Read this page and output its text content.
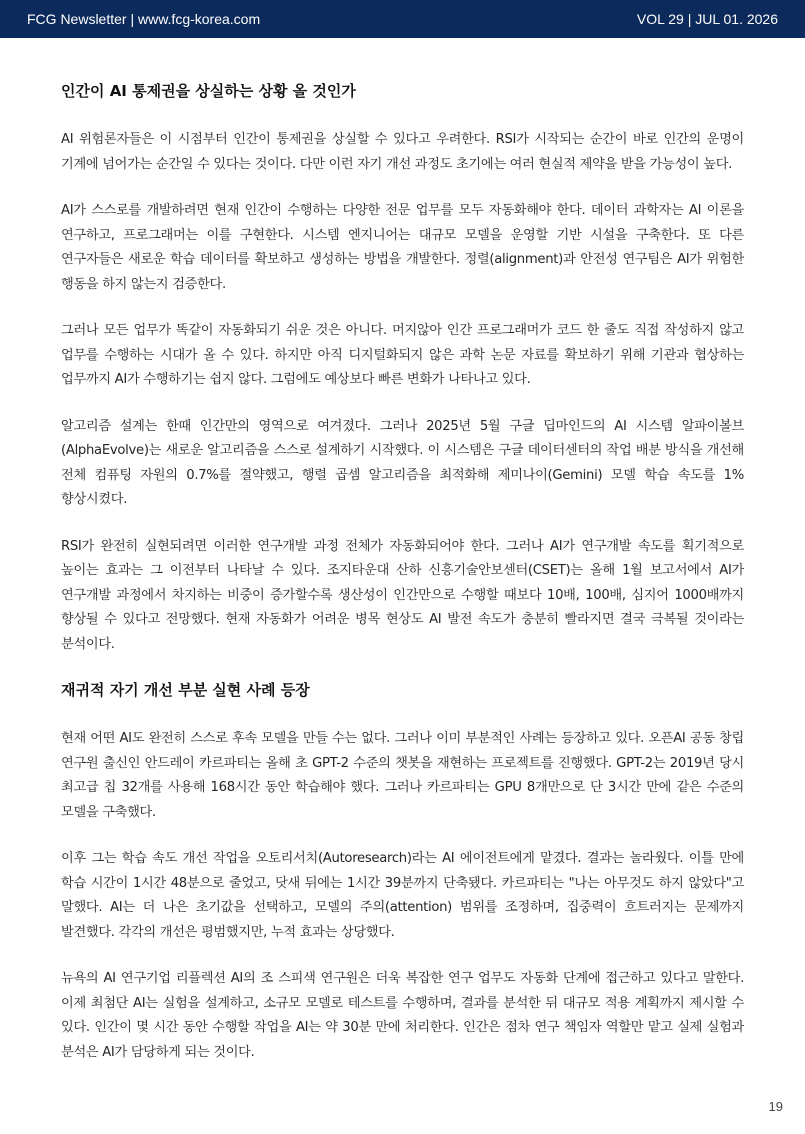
FCG Newsletter | www.fcg-korea.com	VOL 29 | JUL 01. 2026
인간이 AI 통제권을 상실하는 상황 올 것인가

AI 위험론자들은 이 시점부터 인간이 통제권을 상실할 수 있다고 우려한다. RSI가 시작되는 순간이 바로 인간의 운명이 기계에 넘어가는 순간일 수 있다는 것이다. 다만 이런 자기 개선 과정도 초기에는 여러 현실적 제약을 받을 가능성이 높다.

AI가 스스로를 개발하려면 현재 인간이 수행하는 다양한 전문 업무를 모두 자동화해야 한다. 데이터 과학자는 AI 이론을 연구하고, 프로그래머는 이를 구현한다. 시스템 엔지니어는 대규모 모델을 운영할 기반 시설을 구축한다. 또 다른 연구자들은 새로운 학습 데이터를 확보하고 생성하는 방법을 개발한다. 정렬(alignment)과 안전성 연구팀은 AI가 위험한 행동을 하지 않는지 검증한다.

그러나 모든 업무가 똑같이 자동화되기 쉬운 것은 아니다. 머지않아 인간 프로그래머가 코드 한 줄도 직접 작성하지 않고 업무를 수행하는 시대가 올 수 있다. 하지만 아직 디지털화되지 않은 과학 논문 자료를 확보하기 위해 기관과 협상하는 업무까지 AI가 수행하기는 쉽지 않다. 그럼에도 예상보다 빠른 변화가 나타나고 있다.

알고리즘 설계는 한때 인간만의 영역으로 여겨졌다. 그러나 2025년 5월 구글 딥마인드의 AI 시스템 알파이볼브(AlphaEvolve)는 새로운 알고리즘을 스스로 설계하기 시작했다. 이 시스템은 구글 데이터센터의 작업 배분 방식을 개선해 전체 컴퓨팅 자원의 0.7%를 절약했고, 행렬 곱셈 알고리즘을 최적화해 제미나이(Gemini) 모델 학습 속도를 1% 향상시켰다.

RSI가 완전히 실현되려면 이러한 연구개발 과정 전체가 자동화되어야 한다. 그러나 AI가 연구개발 속도를 획기적으로 높이는 효과는 그 이전부터 나타날 수 있다. 조지타운대 산하 신흥기술안보센터(CSET)는 올해 1월 보고서에서 AI가 연구개발 과정에서 차지하는 비중이 증가할수록 생산성이 인간만으로 수행할 때보다 10배, 100배, 심지어 1000배까지 향상될 수 있다고 전망했다. 현재 자동화가 어려운 병목 현상도 AI 발전 속도가 충분히 빨라지면 결국 극복될 것이라는 분석이다.

재귀적 자기 개선 부분 실현 사례 등장

현재 어떤 AI도 완전히 스스로 후속 모델을 만들 수는 없다. 그러나 이미 부분적인 사례는 등장하고 있다. 오픈AI 공동 창립 연구원 출신인 안드레이 카르파티는 올해 초 GPT-2 수준의 챗봇을 재현하는 프로젝트를 진행했다. GPT-2는 2019년 당시 최고급 칩 32개를 사용해 168시간 동안 학습해야 했다. 그러나 카르파티는 GPU 8개만으로 단 3시간 만에 같은 수준의 모델을 구축했다.

이후 그는 학습 속도 개선 작업을 오토리서치(Autoresearch)라는 AI 에이전트에게 맡겼다. 결과는 놀라웠다. 이틀 만에 학습 시간이 1시간 48분으로 줄었고, 닷새 뒤에는 1시간 39분까지 단축됐다. 카르파티는 "나는 아무것도 하지 않았다"고 말했다. AI는 더 나은 초기값을 선택하고, 모델의 주의(attention) 범위를 조정하며, 집중력이 흐트러지는 문제까지 발견했다. 각각의 개선은 평범했지만, 누적 효과는 상당했다.

뉴욕의 AI 연구기업 리플렉션 AI의 조 스피색 연구원은 더욱 복잡한 연구 업무도 자동화 단계에 접근하고 있다고 말한다. 이제 최첨단 AI는 실험을 설계하고, 소규모 모델로 테스트를 수행하며, 결과를 분석한 뒤 대규모 적용 계획까지 제시할 수 있다. 인간이 몇 시간 동안 수행할 작업을 AI는 약 30분 만에 처리한다. 인간은 점차 연구 책임자 역할만 맡고 실제 실험과 분석은 AI가 담당하게 되는 것이다.

19
